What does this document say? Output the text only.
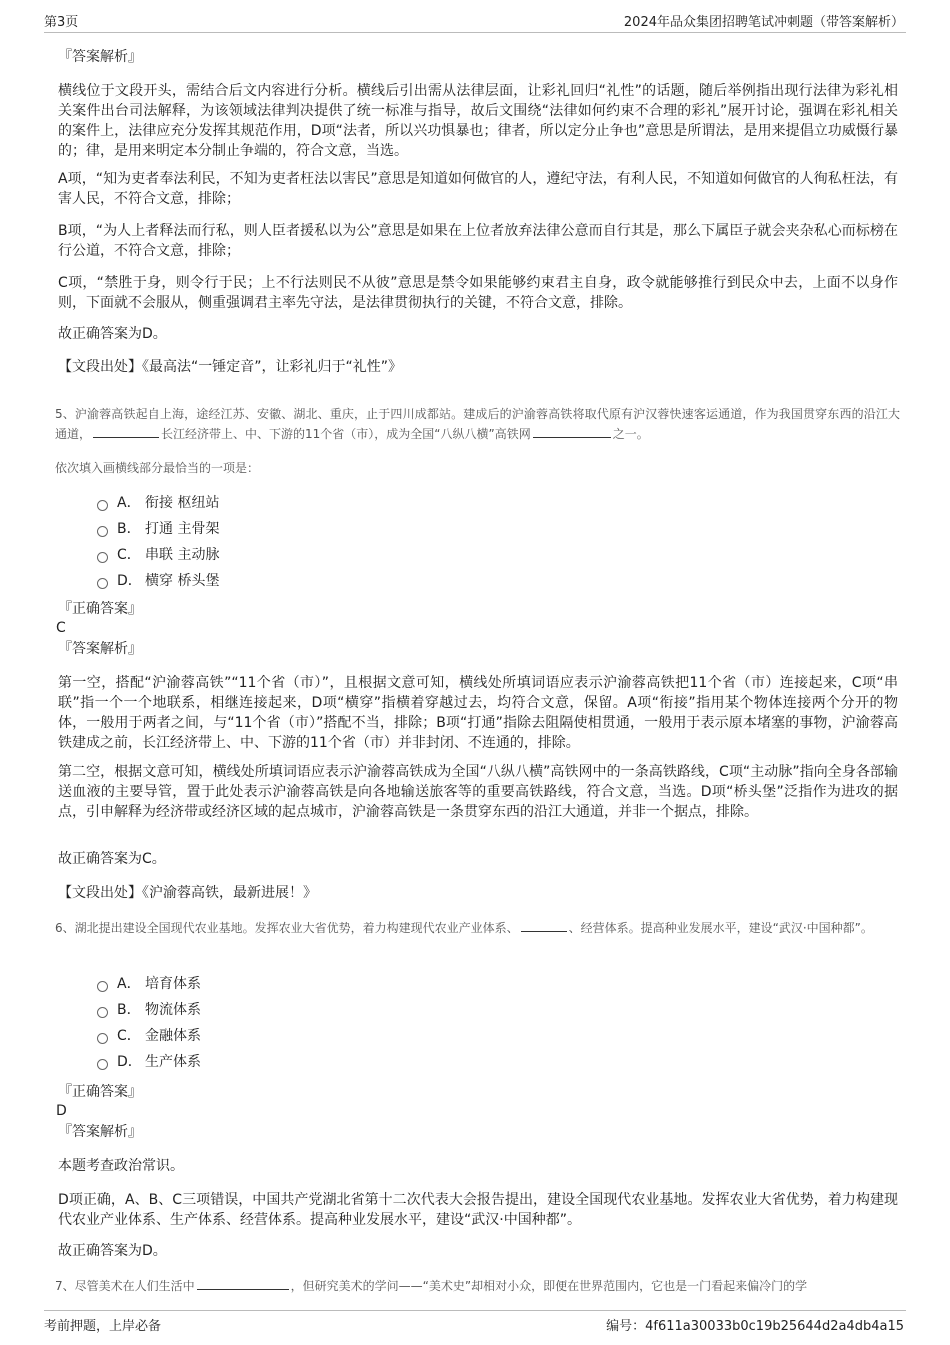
第3页	2024年品众集团招聘笔试冲刺题（带答案解析）
『答案解析』
横线位于文段开头，需结合后文内容进行分析。横线后引出需从法律层面，让彩礼回归“礼性”的话题，随后举例指出现行法律为彩礼相关案件出台司法解释，为该领域法律判决提供了统一标准与指导，故后文围绕“法律如何约束不合理的彩礼”展开讨论，强调在彩礼相关的案件上，法律应充分发挥其规范作用，D项“法者，所以兴功惧暴也；律者，所以定分止争也”意思是所谓法，是用来提倡立功威慑行暴的；律，是用来明定本分制止争端的，符合文意，当选。
A项，“知为吏者奉法利民，不知为吏者枉法以害民”意思是知道如何做官的人，遵纪守法，有利人民，不知道如何做官的人徇私枉法，有害人民，不符合文意，排除；
B项，“为人上者释法而行私，则人臣者援私以为公”意思是如果在上位者放弃法律公意而自行其是，那么下属臣子就会夹杂私心而标榜在行公道，不符合文意，排除；
C项，“禁胜于身，则令行于民；上不行法则民不从彼”意思是禁令如果能够约束君主自身，政令就能够推行到民众中去，上面不以身作则，下面就不会服从，侧重强调君主率先守法，是法律贯彻执行的关键，不符合文意，排除。
故正确答案为D。
【文段出处】《最高法“一锤定音”，让彩礼归于“礼性”》
5、沪渝蓉高铁起自上海，途经江苏、安徽、湖北、重庆，止于四川成都站。建成后的沪渝蓉高铁将取代原有沪汉蓉快速客运通道，作为我国贯穿东西的沿江大通道，	长江经济带上、中、下游的11个省（市），成为全国“八纵八横”高铁网	之一。
依次填入画横线部分最恰当的一项是：
A． 衔接 枢纽站
B． 打通 主骨架
C． 串联 主动脉
D． 横穿 桥头堡
『正确答案』
C
『答案解析』
第一空，搭配“沪渝蓉高铁”“11个省（市）”，且根据文意可知，横线处所填词语应表示沪渝蓉高铁把11个省（市）连接起来，C项“串联”指一个一个地联系，相继连接起来，D项“横穿”指横着穿越过去，均符合文意，保留。A项“衔接”指用某个物体连接两个分开的物体，一般用于两者之间，与“11个省（市）”搭配不当，排除；B项“打通”指除去阻隔使相贯通，一般用于表示原本堵塞的事物，沪渝蓉高铁建成之前，长江经济带上、中、下游的11个省（市）并非封闭、不连通的，排除。
第二空，根据文意可知，横线处所填词语应表示沪渝蓉高铁成为全国“八纵八横”高铁网中的一条高铁路线，C项“主动脉”指向全身各部输送血液的主要导管，置于此处表示沪渝蓉高铁是向各地输送旅客等的重要高铁路线，符合文意，当选。D项“桥头堡”泛指作为进攻的据点，引申解释为经济带或经济区域的起点城市，沪渝蓉高铁是一条贯穿东西的沿江大通道，并非一个据点，排除。
故正确答案为C。
【文段出处】《沪渝蓉高铁，最新进展！》
6、湖北提出建设全国现代农业基地。发挥农业大省优势，着力构建现代农业产业体系、	、经营体系。提高种业发展水平，建设“武汉·中国种都”。
A． 培育体系
B． 物流体系
C． 金融体系
D． 生产体系
『正确答案』
D
『答案解析』
本题考查政治常识。
D项正确，A、B、C三项错误，中国共产党湖北省第十二次代表大会报告提出，建设全国现代农业基地。发挥农业大省优势，着力构建现代农业产业体系、生产体系、经营体系。提高种业发展水平，建设“武汉·中国种都”。
故正确答案为D。
7、尽管美术在人们生活中	，但研究美术的学问——“美术史”却相对小众，即便在世界范围内，它也是一门看起来偏冷门的学
考前押题，上岸必备	编号：4f611a30033b0c19b25644d2a4db4a15
